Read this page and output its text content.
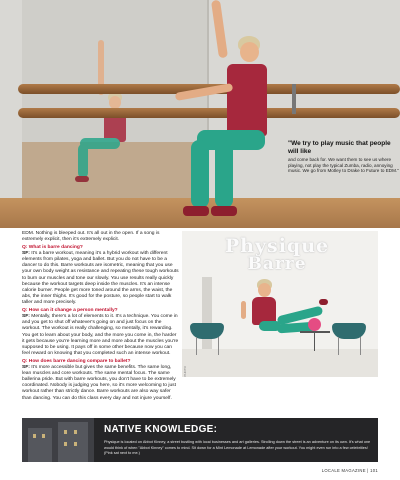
"We try to play music that people will like
and come back for. We want them to see us where playing, not play the typical Zumba, radio, annoying music. We go from Motley to Drake to Future to EDM."

EDM. Nothing is bleeped out. It's all out in the open. If a song is extremely explicit, then it's extremely explicit.

Q: What is barre dancing?
SF: It's a barre workout, meaning it's a hybrid workout with different elements from pilates, yoga and ballet. But you do not have to be a dancer to do this. Barre workouts are isometric, meaning that you use your own body weight as resistance and repeating these tough workouts to burn our muscles and tone our slowly. You use results really quickly because the workout targets deep inside the muscles. It's an intense calorie burner. People get more toned around the arms, the waist, the abs, the inner thighs. It's good for the posture, so people start to walk taller and more precisely.

Q: How can it change a person mentally?
SF: Mentally, there's a lot of elements to it. It's a technique. You come in and you get to shut off whatever's going on and just focus on the workout. The workout is really challenging, so mentally, it's rewarding. You get to learn about your body, and the more you come in, the harder it gets because you're learning more and more about the muscles you're supposed to be using. It pays off in some other because now you can feel reward on knowing that you completed such an intense workout.

Q: How does barre dancing compare to ballet?
SF: It's more accessible but gives the same benefits. The same long, lean muscles and core workouts. The same mental focus. The same ballerina pride. But with barre workouts, you don't have to be extremely coordinated. Nobody is judging you here, so it's more welcoming to just workout rather than strictly dance. Barre workouts are also way safer than dancing. You can do this class every day and not injure yourself.

Physique
Barre
PHOTO
NATIVE KNOWLEDGE:
Physique is located on Abbot Kinney, a street bustling with local businesses and art galleries. Strolling down the street is an adventure on its own. It's what one would think of when "Abbot Kinney" comes to mind. Sit down for a Mint Lemonade at Lemonade after your workout. You might even run into a few celebrities! (Pink sat next to me.)
LOCALE MAGAZINE | 101
